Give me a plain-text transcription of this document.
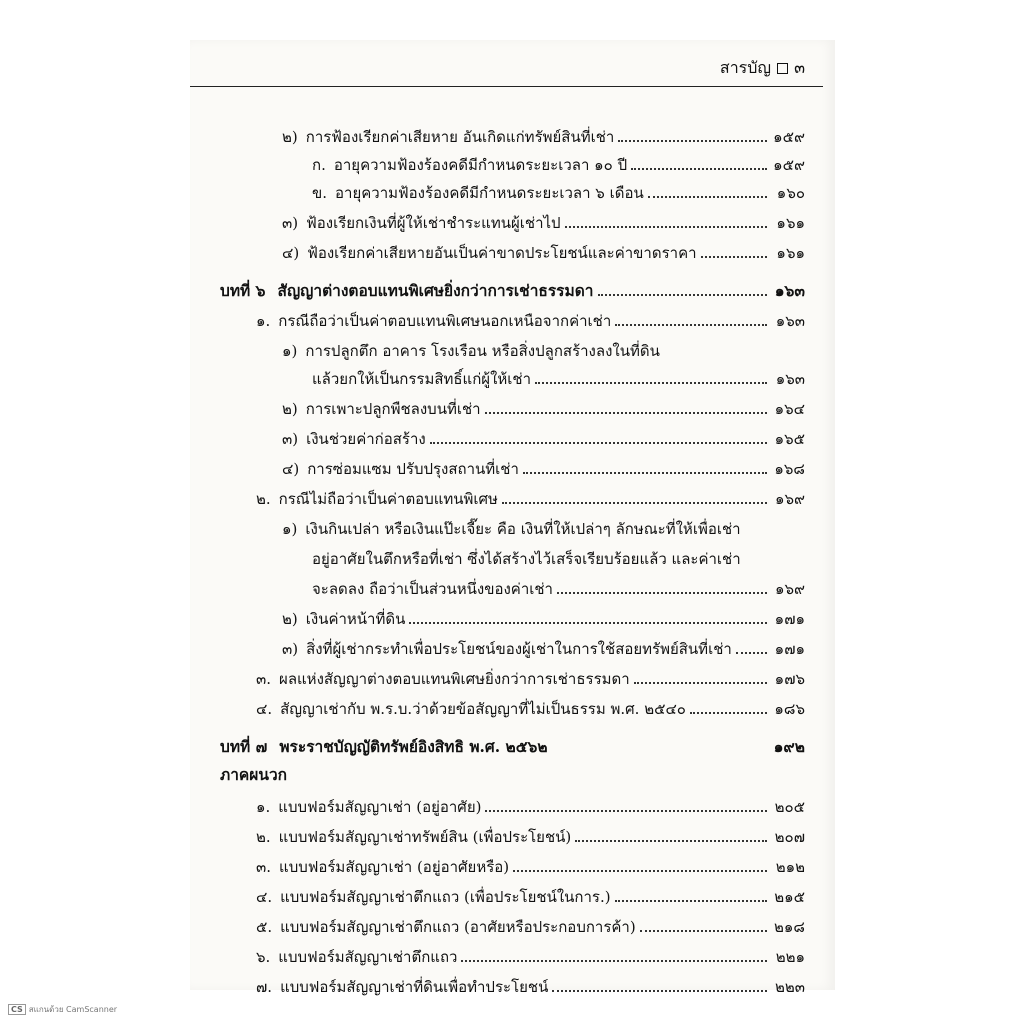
สารบัญ ๓
๒) การฟ้องเรียกค่าเสียหาย อันเกิดแก่ทรัพย์สินที่เช่า	๑๕๙
ก. อายุความฟ้องร้องคดีมีกำหนดระยะเวลา ๑๐ ปี	๑๕๙
ข. อายุความฟ้องร้องคดีมีกำหนดระยะเวลา ๖ เดือน	๑๖๐
๓) ฟ้องเรียกเงินที่ผู้ให้เช่าชำระแทนผู้เช่าไป	๑๖๑
๔) ฟ้องเรียกค่าเสียหายอันเป็นค่าขาดประโยชน์และค่าขาดราคา	๑๖๑
บทที่ ๖ สัญญาต่างตอบแทนพิเศษยิ่งกว่าการเช่าธรรมดา	๑๖๓
๑. กรณีถือว่าเป็นค่าตอบแทนพิเศษนอกเหนือจากค่าเช่า	๑๖๓
๑) การปลูกตึก อาคาร โรงเรือน หรือสิ่งปลูกสร้างลงในที่ดิน
แล้วยกให้เป็นกรรมสิทธิ์แก่ผู้ให้เช่า	๑๖๓
๒) การเพาะปลูกพืชลงบนที่เช่า	๑๖๔
๓) เงินช่วยค่าก่อสร้าง	๑๖๕
๔) การซ่อมแซม ปรับปรุงสถานที่เช่า	๑๖๘
๒. กรณีไม่ถือว่าเป็นค่าตอบแทนพิเศษ	๑๖๙
๑) เงินกินเปล่า หรือเงินแป๊ะเจี๊ยะ คือ เงินที่ให้เปล่าๆ ลักษณะที่ให้เพื่อเช่า
อยู่อาศัยในตึกหรือที่เช่า ซึ่งได้สร้างไว้เสร็จเรียบร้อยแล้ว และค่าเช่า
จะลดลง ถือว่าเป็นส่วนหนึ่งของค่าเช่า	๑๖๙
๒) เงินค่าหน้าที่ดิน	๑๗๑
๓) สิ่งที่ผู้เช่ากระทำเพื่อประโยชน์ของผู้เช่าในการใช้สอยทรัพย์สินที่เช่า	๑๗๑
๓. ผลแห่งสัญญาต่างตอบแทนพิเศษยิ่งกว่าการเช่าธรรมดา	๑๗๖
๔. สัญญาเช่ากับ พ.ร.บ.ว่าด้วยข้อสัญญาที่ไม่เป็นธรรม พ.ศ. ๒๕๔๐	๑๘๖
บทที่ ๗ พระราชบัญญัติทรัพย์อิงสิทธิ พ.ศ. ๒๕๖๒	๑๙๒
ภาคผนวก
๑. แบบฟอร์มสัญญาเช่า (อยู่อาศัย)	๒๐๕
๒. แบบฟอร์มสัญญาเช่าทรัพย์สิน (เพื่อประโยชน์)	๒๐๗
๓. แบบฟอร์มสัญญาเช่า (อยู่อาศัยหรือ)	๒๑๒
๔. แบบฟอร์มสัญญาเช่าตึกแถว (เพื่อประโยชน์ในการ.)	๒๑๕
๕. แบบฟอร์มสัญญาเช่าตึกแถว (อาศัยหรือประกอบการค้า)	๒๑๘
๖. แบบฟอร์มสัญญาเช่าตึกแถว	๒๒๑
๗. แบบฟอร์มสัญญาเช่าที่ดินเพื่อทำประโยชน์	๒๒๓
CS สแกนด้วย CamScanner
